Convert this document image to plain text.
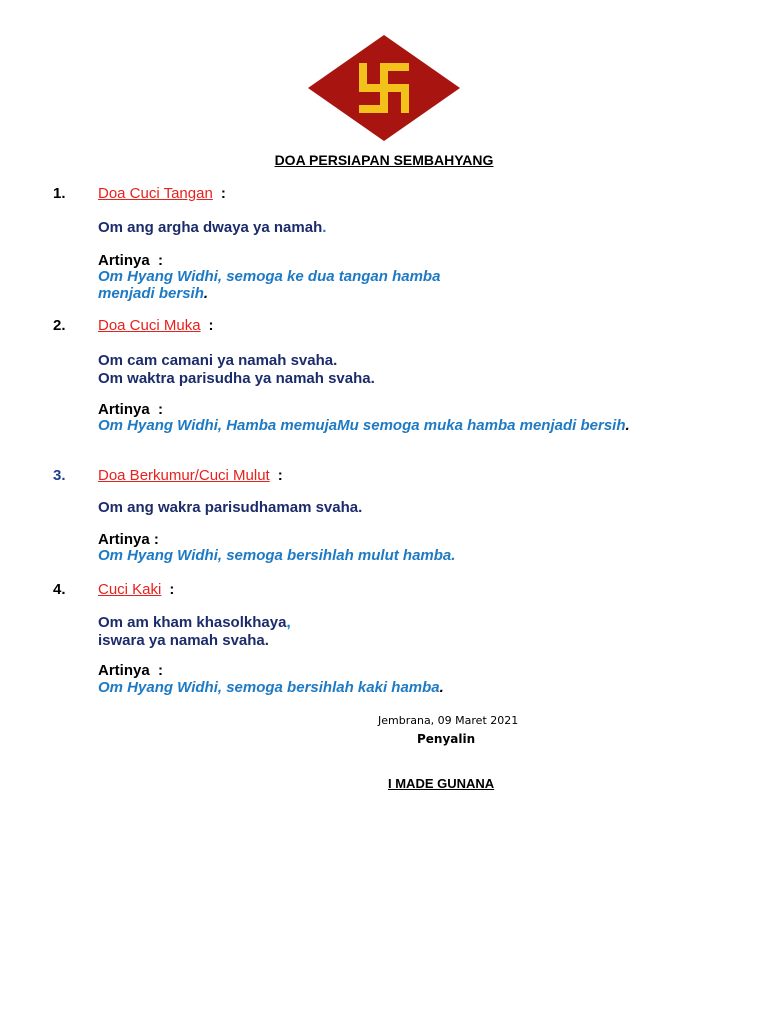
DOA PERSIAPAN SEMBAHYANG
1. Doa Cuci Tangan :
Om ang argha dwaya ya namah.
Artinya  :
Om Hyang Widhi, semoga ke dua tangan hamba
menjadi bersih.
2. Doa Cuci Muka :
Om cam camani ya namah svaha.
Om waktra parisudha ya namah svaha.
Artinya  :
Om Hyang Widhi, Hamba memujaMu semoga muka hamba menjadi bersih.
3. Doa Berkumur/Cuci Mulut :
Om ang wakra parisudhamam svaha.
Artinya :
Om Hyang Widhi, semoga bersihlah mulut hamba.
4. Cuci Kaki :
Om am kham khasolkhaya,
iswara ya namah svaha.
Artinya  :
Om Hyang Widhi, semoga bersihlah kaki hamba.
Jembrana, 09 Maret 2021
Penyalin
I MADE GUNANA
